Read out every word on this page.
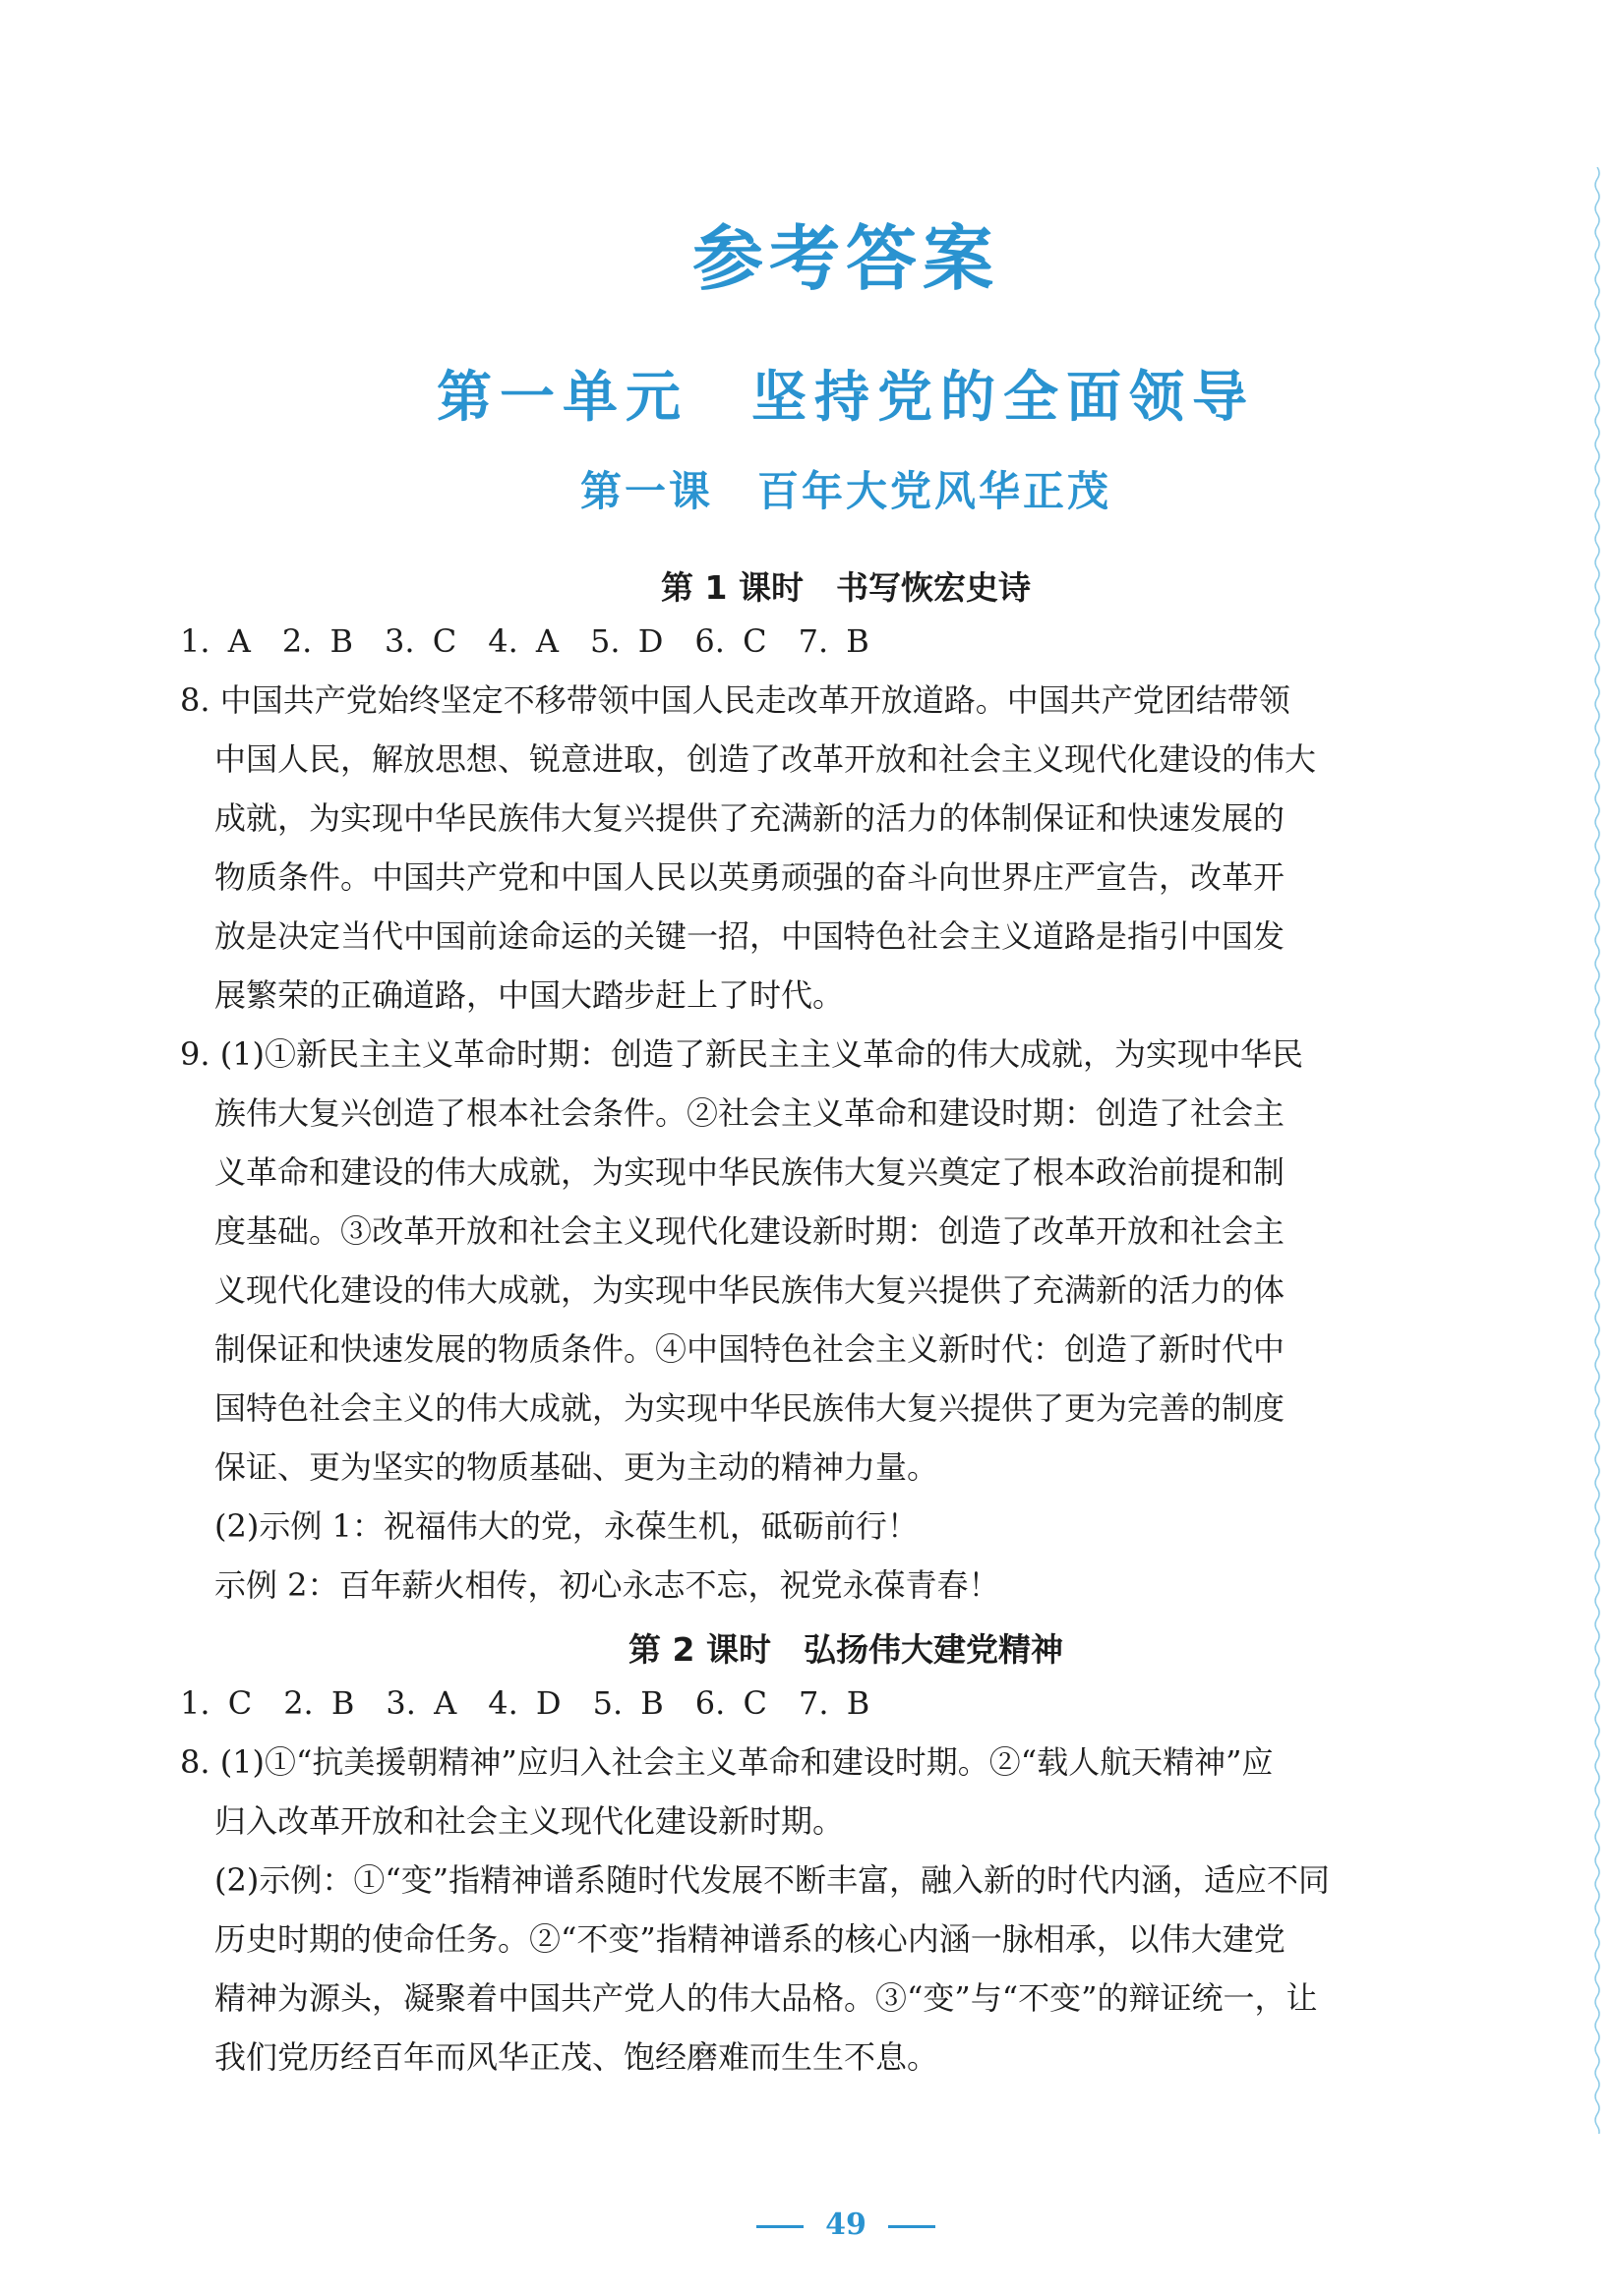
参考答案
第一单元　坚持党的全面领导
第一课　百年大党风华正茂
第 1 课时　书写恢宏史诗
1. A　2. B　3. C　4. A　5. D　6. C　7. B
8. 中国共产党始终坚定不移带领中国人民走改革开放道路。中国共产党团结带领
中国人民，解放思想、锐意进取，创造了改革开放和社会主义现代化建设的伟大
成就，为实现中华民族伟大复兴提供了充满新的活力的体制保证和快速发展的
物质条件。中国共产党和中国人民以英勇顽强的奋斗向世界庄严宣告，改革开
放是决定当代中国前途命运的关键一招，中国特色社会主义道路是指引中国发
展繁荣的正确道路，中国大踏步赶上了时代。
9. (1)①新民主主义革命时期：创造了新民主主义革命的伟大成就，为实现中华民
族伟大复兴创造了根本社会条件。②社会主义革命和建设时期：创造了社会主
义革命和建设的伟大成就，为实现中华民族伟大复兴奠定了根本政治前提和制
度基础。③改革开放和社会主义现代化建设新时期：创造了改革开放和社会主
义现代化建设的伟大成就，为实现中华民族伟大复兴提供了充满新的活力的体
制保证和快速发展的物质条件。④中国特色社会主义新时代：创造了新时代中
国特色社会主义的伟大成就，为实现中华民族伟大复兴提供了更为完善的制度
保证、更为坚实的物质基础、更为主动的精神力量。
(2)示例 1：祝福伟大的党，永葆生机，砥砺前行！
示例 2：百年薪火相传，初心永志不忘，祝党永葆青春！
第 2 课时　弘扬伟大建党精神
1. C　2. B　3. A　4. D　5. B　6. C　7. B
8. (1)①“抗美援朝精神”应归入社会主义革命和建设时期。②“载人航天精神”应
归入改革开放和社会主义现代化建设新时期。
(2)示例：①“变”指精神谱系随时代发展不断丰富，融入新的时代内涵，适应不同
历史时期的使命任务。②“不变”指精神谱系的核心内涵一脉相承，以伟大建党
精神为源头，凝聚着中国共产党人的伟大品格。③“变”与“不变”的辩证统一，让
我们党历经百年而风华正茂、饱经磨难而生生不息。
49
